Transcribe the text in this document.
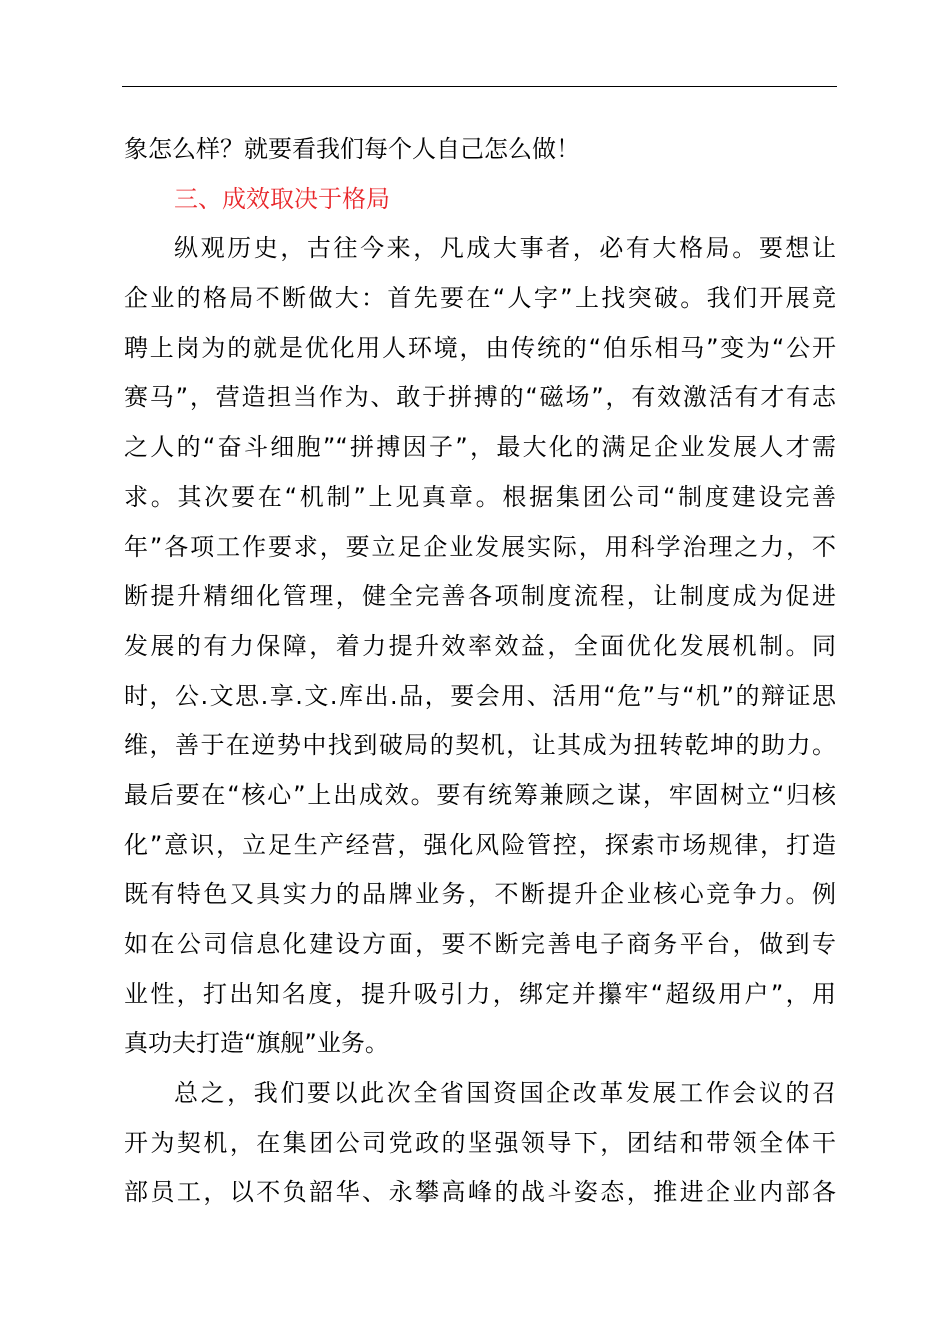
象怎么样？就要看我们每个人自己怎么做！
三、成效取决于格局
纵观历史，古往今来，凡成大事者，必有大格局。要想让
企业的格局不断做大：首先要在“人字”上找突破。我们开展竞
聘上岗为的就是优化用人环境，由传统的“伯乐相马”变为“公开
赛马”，营造担当作为、敢于拼搏的“磁场”，有效激活有才有志
之人的“奋斗细胞”“拼搏因子”，最大化的满足企业发展人才需
求。其次要在“机制”上见真章。根据集团公司“制度建设完善
年”各项工作要求，要立足企业发展实际，用科学治理之力，不
断提升精细化管理，健全完善各项制度流程，让制度成为促进
发展的有力保障，着力提升效率效益，全面优化发展机制。同
时，公.文思.享.文.库出.品，要会用、活用“危”与“机”的辩证思
维，善于在逆势中找到破局的契机，让其成为扭转乾坤的助力。
最后要在“核心”上出成效。要有统筹兼顾之谋，牢固树立“归核
化”意识，立足生产经营，强化风险管控，探索市场规律，打造
既有特色又具实力的品牌业务，不断提升企业核心竞争力。例
如在公司信息化建设方面，要不断完善电子商务平台，做到专
业性，打出知名度，提升吸引力，绑定并攥牢“超级用户”，用
真功夫打造“旗舰”业务。
总之，我们要以此次全省国资国企改革发展工作会议的召
开为契机，在集团公司党政的坚强领导下，团结和带领全体干
部员工，以不负韶华、永攀高峰的战斗姿态，推进企业内部各
